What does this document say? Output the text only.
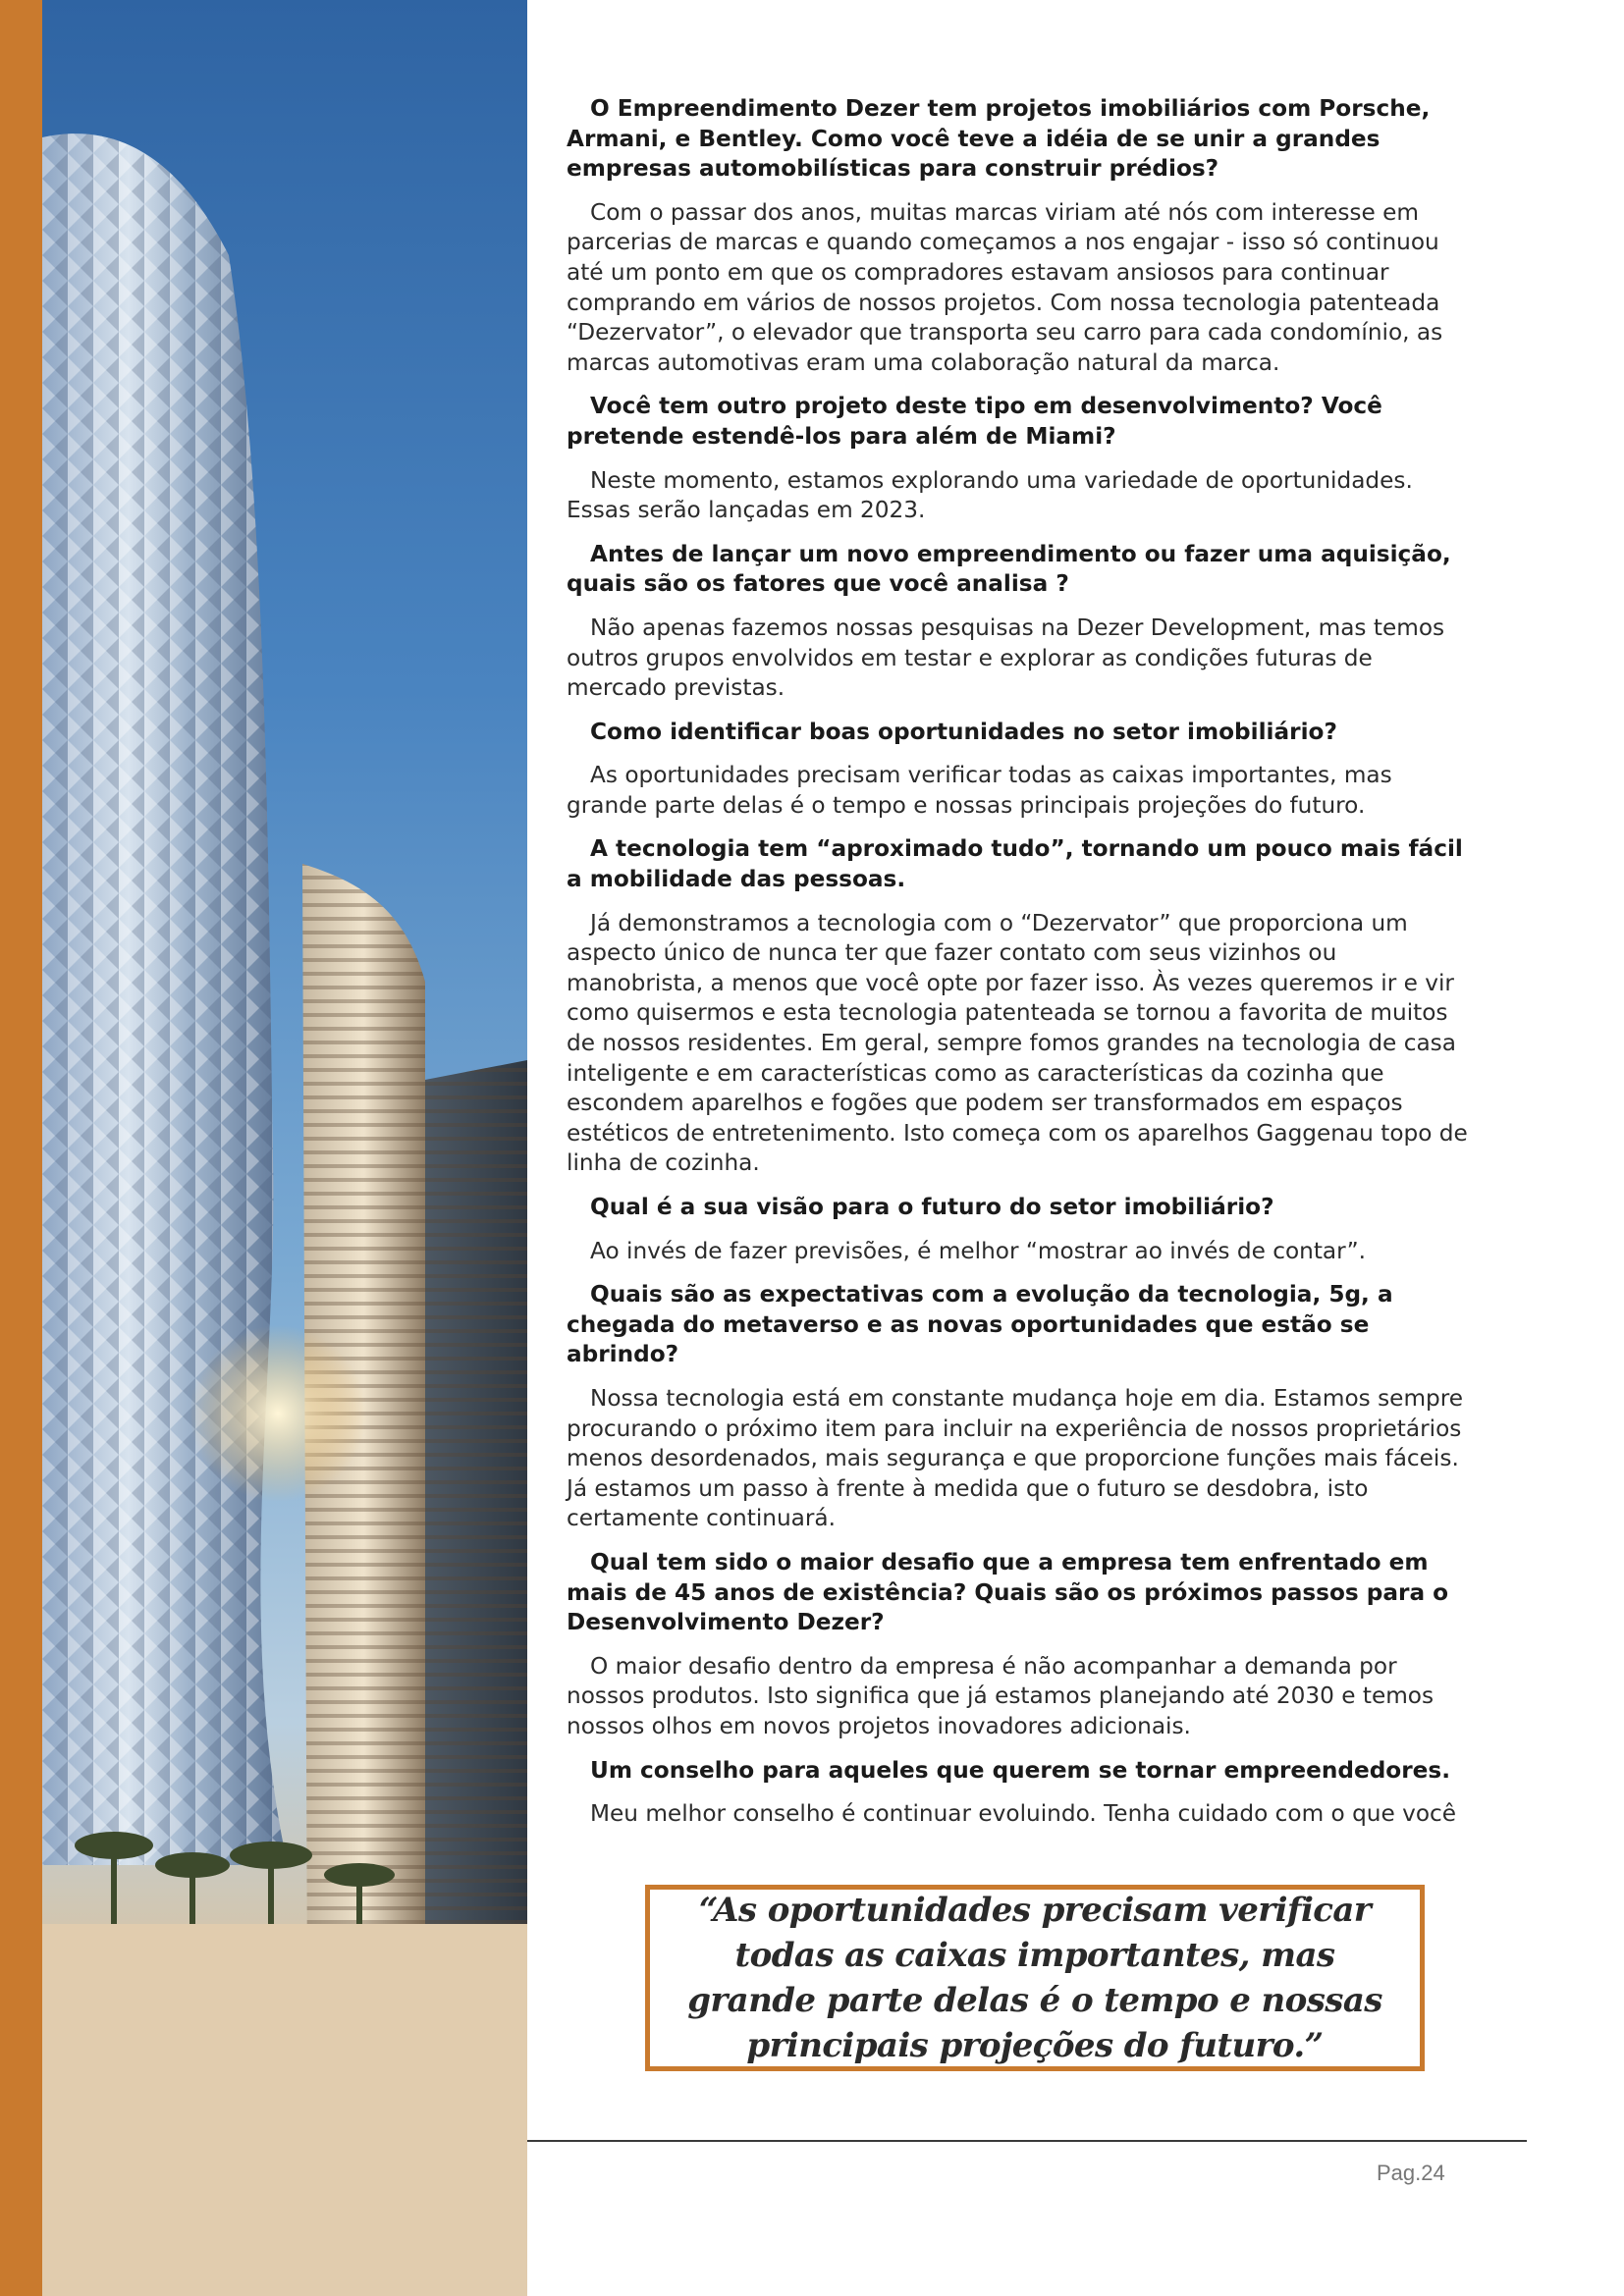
O Empreendimento Dezer tem projetos imobiliários com Porsche, Armani, e Bentley. Como você teve a idéia de se unir a grandes empresas automobilísticas para construir prédios?

Com o passar dos anos, muitas marcas viriam até nós com interesse em parcerias de marcas e quando começamos a nos engajar - isso só continuou até um ponto em que os compradores estavam ansiosos para continuar comprando em vários de nossos projetos. Com nossa tecnologia patenteada “Dezervator”, o elevador que transporta seu carro para cada condomínio, as marcas automotivas eram uma colaboração natural da marca.

Você tem outro projeto deste tipo em desenvolvimento? Você pretende estendê-los para além de Miami?

Neste momento, estamos explorando uma variedade de oportunidades. Essas serão lançadas em 2023.

Antes de lançar um novo empreendimento ou fazer uma aquisição, quais são os fatores que você analisa ?

Não apenas fazemos nossas pesquisas na Dezer Development, mas temos outros grupos envolvidos em testar e explorar as condições futuras de mercado previstas.

Como identificar boas oportunidades no setor imobiliário?

As oportunidades precisam verificar todas as caixas importantes, mas grande parte delas é o tempo e nossas principais projeções do futuro.

A tecnologia tem “aproximado tudo”, tornando um pouco mais fácil a mobilidade das pessoas.

Já demonstramos a tecnologia com o “Dezervator” que proporciona um aspecto único de nunca ter que fazer contato com seus vizinhos ou manobrista, a menos que você opte por fazer isso. Às vezes queremos ir e vir como quisermos e esta tecnologia patenteada se tornou a favorita de muitos de nossos residentes. Em geral, sempre fomos grandes na tecnologia de casa inteligente e em características como as características da cozinha que escondem aparelhos e fogões que podem ser transformados em espaços estéticos de entretenimento. Isto começa com os aparelhos Gaggenau topo de linha de cozinha.

Qual é a sua visão para o futuro do setor imobiliário?

Ao invés de fazer previsões, é melhor “mostrar ao invés de contar”.

Quais são as expectativas com a evolução da tecnologia, 5g, a chegada do metaverso e as novas oportunidades que estão se abrindo?

Nossa tecnologia está em constante mudança hoje em dia. Estamos sempre procurando o próximo item para incluir na experiência de nossos proprietários menos desordenados, mais segurança e que proporcione funções mais fáceis. Já estamos um passo à frente à medida que o futuro se desdobra, isto certamente continuará.

Qual tem sido o maior desafio que a empresa tem enfrentado em mais de 45 anos de existência? Quais são os próximos passos para o Desenvolvimento Dezer?

O maior desafio dentro da empresa é não acompanhar a demanda por nossos produtos. Isto significa que já estamos planejando até 2030 e temos nossos olhos em novos projetos inovadores adicionais.

Um conselho para aqueles que querem se tornar empreendedores.

Meu melhor conselho é continuar evoluindo. Tenha cuidado com o que você

“As oportunidades precisam verificar todas as caixas importantes, mas grande parte delas é o tempo e nossas principais projeções do futuro.”

Pag.24
